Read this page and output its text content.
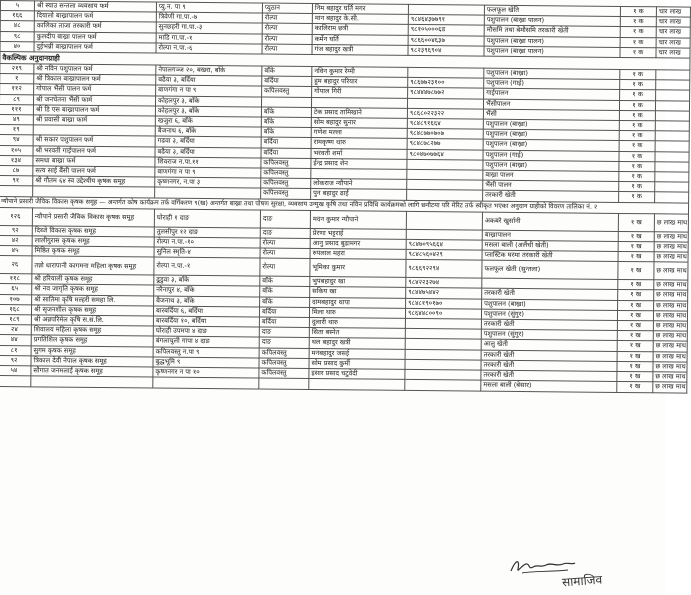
५	श्री स्याउ सन्तला व्यवसाय फर्म	प्यु.न. पा ९	प्युठान	निम बहादुर घर्ति मगर		फलफूल खेति	१ क	चार लाख
१६६	दियालो बाख्रापालन फर्म	त्रिवेणी गा.पा.-७	रोल्पा	मान बहादुर के.सी.	९८४६४३७७९१	पशुपालन (बाख्रा पालन)	१ क	चार लाख
४८	कालिका ताजा तरकारी फर्म	सुनछहरी गा.पा.-३	रोल्पा	कालिराम छत्री	९८१०५०००६ड	मौसमि तथा बेमौसमि तरकारी खेती	१ क	चार लाख
९८	कुलदीप बाख्रा पालन फर्म	माडि गा.पा.-१	रोल्पा	कर्मेन घर्ति	९८६६००४६३७	पशुपालन (बाख्रा पालन)	१ क	चार लाख
४०	दुईभन्नी बाख्रापालन फर्म	रोल्पा न.पा.-६	रोल्पा	गंज बहादुर खत्री	९८२३९६९०४	पशुपालन (बाख्रा पालन)	१ क	चार लाख
वैकल्पिक अनुदानग्राही								
२१९	श्री नविन पशुपालन फर्म	नेपालगञ्ज २०, बखरा, बाँके	बाँके	नविन कुमार रेग्मी		पशुपालन (बाख्रा)	१ क	
१	श्री त्रिकाल बाख्रापालन फर्म	बढैया ३, बर्दिया	बर्दिया	हुम बहादुर परियार	९८६७७२३१००	पशुपालन (गाई)	१ क	
११२	गोपाल भैंसी पालन फर्म	बाणगंगा न पा ९	कपिलवस्तु	गोपाल गिरी	९८४४४७८७७२	गाईपालन	१ क	
८९	श्री जनचेतना भैंसी फार्म	कोहलपुर ३, बाँके				भैंसीपालन	१ क	
१११	श्री डि एस बाख्रापालन फर्म	कोहलपुर ३, बाँके	बाँके	टेक प्रसाद तामिखाने	९८६८०२२३२२	भैंसी	१ क	
४९	श्री प्रवासी बाख्रा फार्म	खजुरा ६, बाँके	बाँके	सोम बहादुर सुनार	९८४८९१६६४	पशुपालन (बाख्रा)	१ क	
१९		बैजनाथ ६, बाँके	बाँके	गणेश मल्ला	९८४८७७०७०७	पशुपालन (बाख्रा)	१ क	
९४	श्री सकार पशुपालन फर्म	गढवा ३, बर्दिया	बर्दिया	रामकृष्ण थारु	९८४८७८२७७	पशुपालन (बाख्रा)	१ क	
१०५	श्री भरवती गाईपालन फर्म	बढैया ३, बर्दिया	बर्दिया	भरवती शर्मा	९८०४७०७७६४	पशुपालन (गाई)	१ क	
१३४	समधा बाख्रा फर्म	शिवराज न.पा.११	कपिलवस्तु	ईन्द्र प्रसाद शेन		पशुपालन (बाख्रा)	१ क	
८७	सत्य साई बैंसी पालन फर्म	बाणगंगा न पा ९	कपिलवस्तु			बाख्रा पालन	१ क	
९१	श्री गौतम ६४ स्व उद्देश्यीय कृषक समूह	कृष्णनगर, न.पा ३	कपिलवस्तु	लोकराज न्यौपाने		भैंसी पालन	१ क	
			कपिलवस्तु	पुन बहादुर ढाईं		तरकारी खेती	१ क	
न्यौपाने प्रसारी जैविक विकास कृषक समूह — अन्तर्गत कोष कार्यक्रम तर्फ वर्गिकरण ९(ख) अन्तर्गत बाख्रा तथा पोषण सुरक्षा, व्यवसाय उन्मुख कृषि तथा नविन प्रविधि कार्यक्रमको लागि छनौटमा परि मेरिट तर्फ स्वीकृत भएका अनुदान ग्राहीको विवरण तालिका नं. २								
१२६	न्यौपाने प्रसारी जैविक विकास कृषक समूह	घोराही १ दाङ	दाङ	मदन कुमार न्यौपाने		अकबरे खुर्सानी	१ ख	छ लाख माथ
९२	दिब्जे विकास कृषक समूह	तुलसीपुर १२ दाङ	दाङ	प्रेरणा भट्टराई		बाख्रापालन	१ ख	छ लाख माथ
४२	लालीगुरास कृषक समूह	रोल्पा न.पा.-१०	रोल्पा	आनु प्रसाद बुढामगर	९८४७०९५६६४	मसला बाली (अलैंची खेती)	१ ख	छ लाख माथ
४५	मिष्ठित कृषक समूह	सुनिल स्मृति-४	रोल्पा	रुपलाल महरा	९८४८५६०४२९	प्लास्टिक घरमा तरकारी खेती	१ ख	छ लाख माथ
२६	तन्नो धारापानी कागमना महिला कृषक समूह	रोल्पा न.पा.-१	रोल्पा	भूमिका कुमार	९८६६९२२९४	फलफूल खेती (सुन्तला)	१ ख	छ लाख माथ
११८	श्री हरियाली कृषक समूह	ढुडुवा ३, बाँके	बाँके	भुपबहादुर खा	९८४२२३२७४		१ ख	छ लाख माथ
६५	श्री नव जागृति कृषक समूह	नरैनापुर ४, बाँके	बाँके	सकिय खा	९८४४७५४४२	तरकारी खेती	१ ख	छ लाख माथ
१०७	श्री सातिमा कृषि मल्हरी समहा लि.	बैजनाथ ३, बाँके	बाँके	दामबहादुर थापा	९८४८१९०१७०	पशुपालन (बाख्रा)	१ ख	छ लाख माथ
१६८	श्री सृजनशील कृषक समूह	बारबर्दिया ६, बर्दिया	बर्दिया	मिला थारु	९८६४४८००९०	पशुपालन (सुंगुर)	१ ख	छ लाख माथ
१८९	श्री अन्नपरिमेल कृषि स.सं.लि.	बारबर्दिया १०, बर्दिया	बर्दिया	दुलारी थारु		तरकारी खेती	१ ख	छ लाख माथ
२४	शिवालय महिला कृषक समूह	घोराही उपमपा ४ दाङ	दाङ	सिता बस्नेत		पशुपालन (सुंगुर)	१ ख	छ लाख माथ
४४	प्रगतिशिल कृषक समूह	बंगलाचुली गापा ४ दाङ	दाङ	थल बहादुर खत्री		आलु खेती	१ ख	छ लाख माथ
८१	सुगम कृषक समूह	कपिलवस्तु न.पा ९	कपिलवस्तु	मनबहादुर जसई		तरकारी खेती	१ ख	छ लाख माथ
९२	त्रिकाल देवी नेपाल कृषक समूह	बुद्धभूमि ९	कपिलवस्तु	सोम प्रसाद कुर्मी		तरकारी खेती	१ ख	छ लाख माथ
५४	सौगात जनमलाई कृषक समूह	कृष्णनगर न पा १०	कपिलवस्तु	इसार प्रसाद चटुवेदी		तरकारी खेती	१ ख	छ लाख माथ
						मसला बाली (बेसार)	१ ख	छ लाख माथ
सामाजिव
